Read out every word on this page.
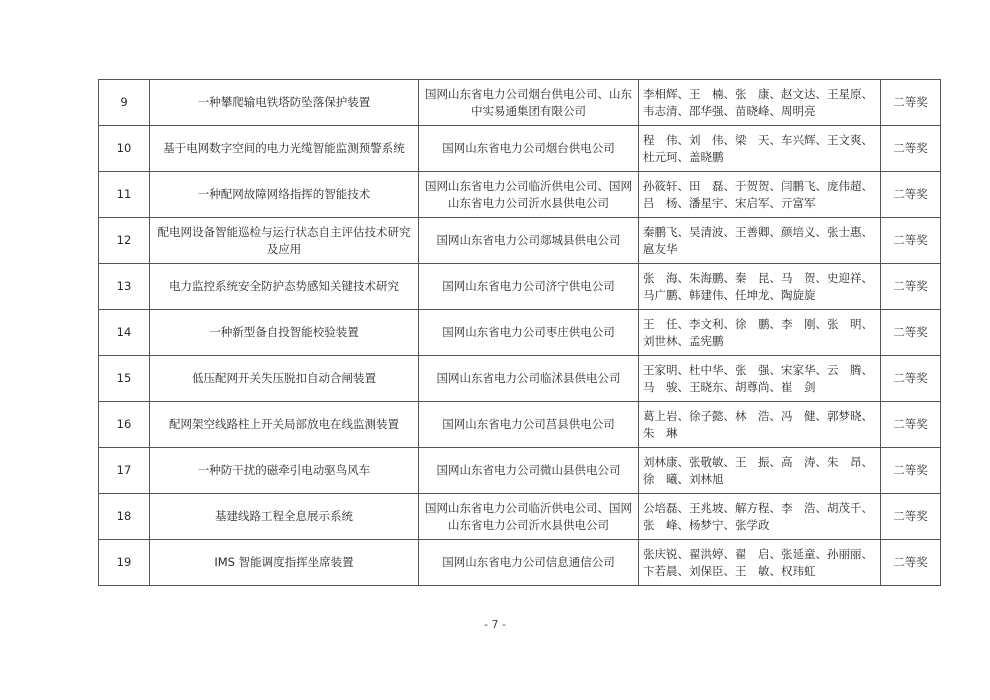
9	一种攀爬输电铁塔防坠落保护装置	国网山东省电力公司烟台供电公司、山东中实易通集团有限公司	李相辉、王　楠、张　康、赵文达、王星原、韦志清、邵华强、苗晓峰、周明亮	二等奖
10	基于电网数字空间的电力光缆智能监测预警系统	国网山东省电力公司烟台供电公司	程　伟、刘　伟、梁　天、车兴辉、王文爽、杜元珂、盖晓鹏	二等奖
11	一种配网故障网络指挥的智能技术	国网山东省电力公司临沂供电公司、国网山东省电力公司沂水县供电公司	孙筱轩、田　磊、于贺贺、闫鹏飞、庞伟超、吕　杨、潘星宇、宋启军、亓富军	二等奖
12	配电网设备智能巡检与运行状态自主评估技术研究及应用	国网山东省电力公司郯城县供电公司	秦鹏飞、吴清波、王善卿、颜培义、张士惠、扈友华	二等奖
13	电力监控系统安全防护态势感知关键技术研究	国网山东省电力公司济宁供电公司	张　海、朱海鹏、秦　昆、马　贺、史迎祥、马广鹏、韩建伟、任坤龙、陶旋旋	二等奖
14	一种新型备自投智能校验装置	国网山东省电力公司枣庄供电公司	王　任、李文利、徐　鹏、李　刚、张　明、刘世林、孟宪鹏	二等奖
15	低压配网开关失压脱扣自动合闸装置	国网山东省电力公司临沭县供电公司	王家明、杜中华、张　强、宋家华、云　腾、马　骏、王晓东、胡尊尚、崔　剑	二等奖
16	配网架空线路柱上开关局部放电在线监测装置	国网山东省电力公司莒县供电公司	葛上岩、徐子懿、林　浩、冯　健、郭梦晓、朱　琳	二等奖
17	一种防干扰的磁牵引电动驱鸟风车	国网山东省电力公司微山县供电公司	刘林康、张敬敏、王　振、高　涛、朱　昂、徐　曦、刘林旭	二等奖
18	基建线路工程全息展示系统	国网山东省电力公司临沂供电公司、国网山东省电力公司沂水县供电公司	公培磊、王兆坡、解方程、李　浩、胡茂千、张　峰、杨梦宁、张学政	二等奖
19	IMS 智能调度指挥坐席装置	国网山东省电力公司信息通信公司	张庆锐、翟洪婷、翟　启、张延童、孙丽丽、卞若晨、刘保臣、王　敏、权玮虹	二等奖
- 7 -
